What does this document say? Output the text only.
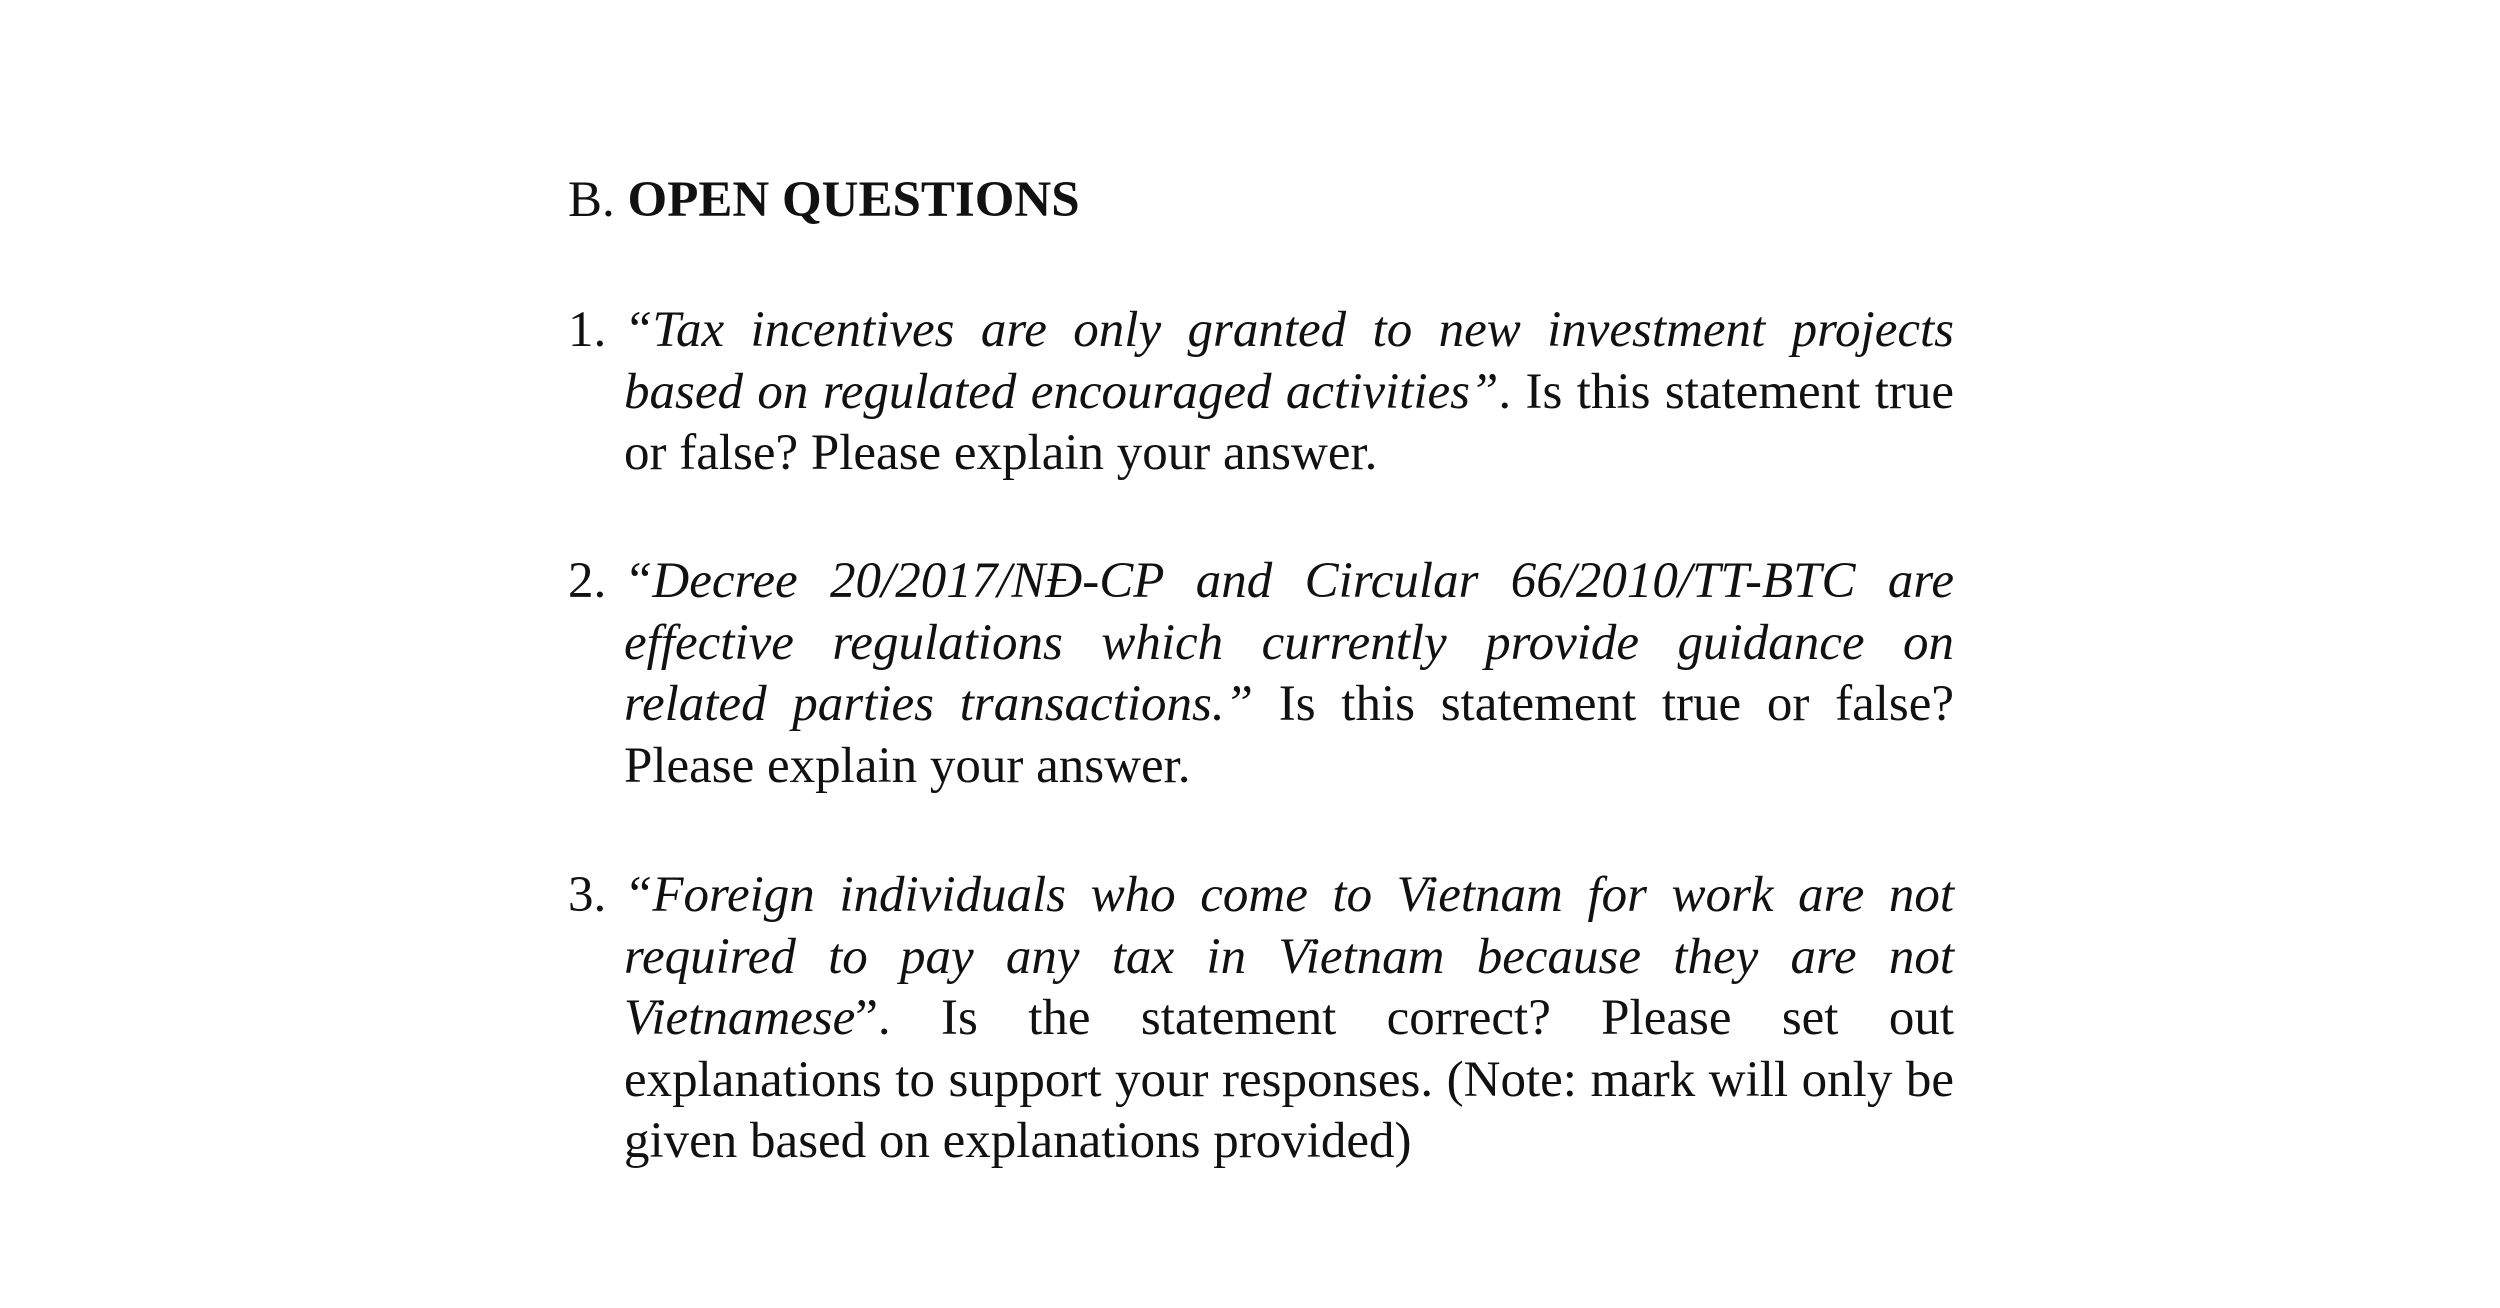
B. OPEN QUESTIONS
1. “Tax incentives are only granted to new investment projects based on regulated encouraged activities”. Is this statement true or false? Please explain your answer.
2. “Decree 20/2017/NĐ-CP and Circular 66/2010/TT-BTC are effective regulations which currently provide guidance on related parties transactions.” Is this statement true or false? Please explain your answer.
3. “Foreign individuals who come to Vietnam for work are not required to pay any tax in Vietnam because they are not Vietnamese”. Is the statement correct? Please set out explanations to support your responses. (Note: mark will only be given based on explanations provided)
